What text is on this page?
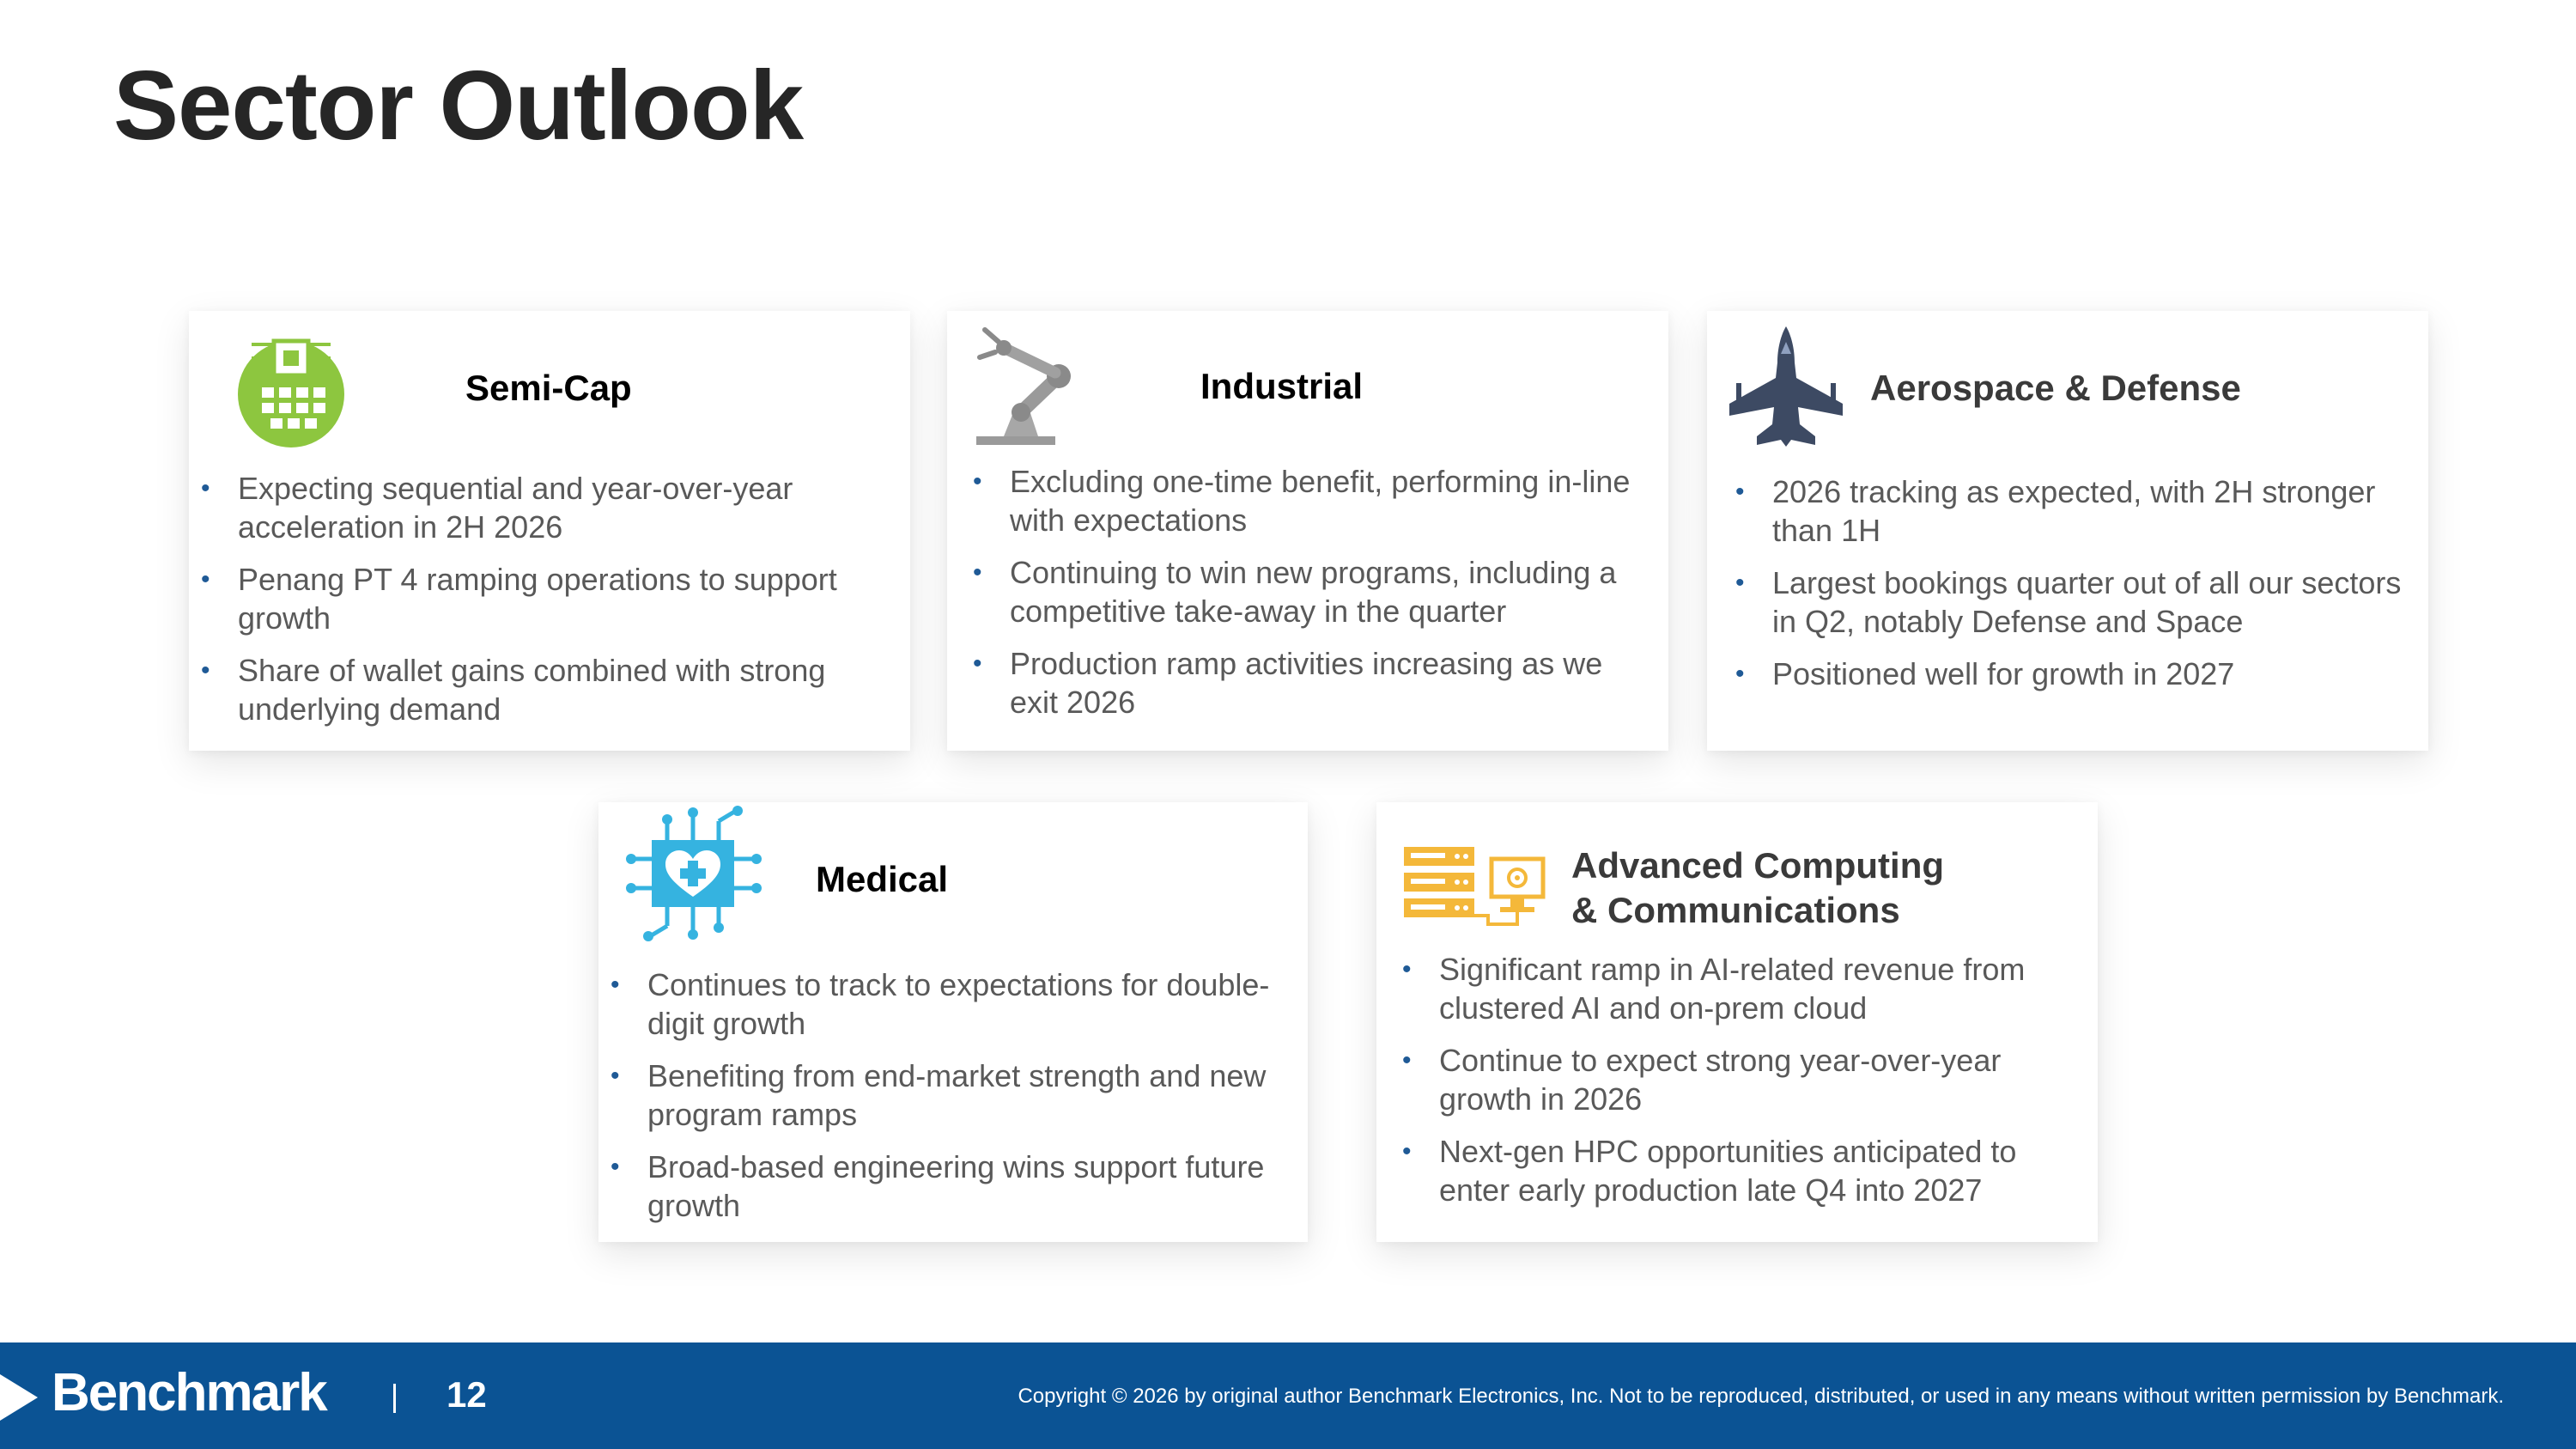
Sector Outlook
Semi-Cap
• Expecting sequential and year-over-year acceleration in 2H 2026
• Penang PT 4 ramping operations to support growth
• Share of wallet gains combined with strong underlying demand
Industrial
• Excluding one-time benefit, performing in-line with expectations
• Continuing to win new programs, including a competitive take-away in the quarter
• Production ramp activities increasing as we exit 2026
Aerospace & Defense
• 2026 tracking as expected, with 2H stronger than 1H
• Largest bookings quarter out of all our sectors in Q2, notably Defense and Space
• Positioned well for growth in 2027
Medical
• Continues to track to expectations for double-digit growth
• Benefiting from end-market strength and new program ramps
• Broad-based engineering wins support future growth
Advanced Computing
& Communications
• Significant ramp in AI-related revenue from clustered AI and on-prem cloud
• Continue to expect strong year-over-year growth in 2026
• Next-gen HPC opportunities anticipated to enter early production late Q4 into 2027
Benchmark	12	Copyright © 2026 by original author Benchmark Electronics, Inc. Not to be reproduced, distributed, or used in any means without written permission by Benchmark.
